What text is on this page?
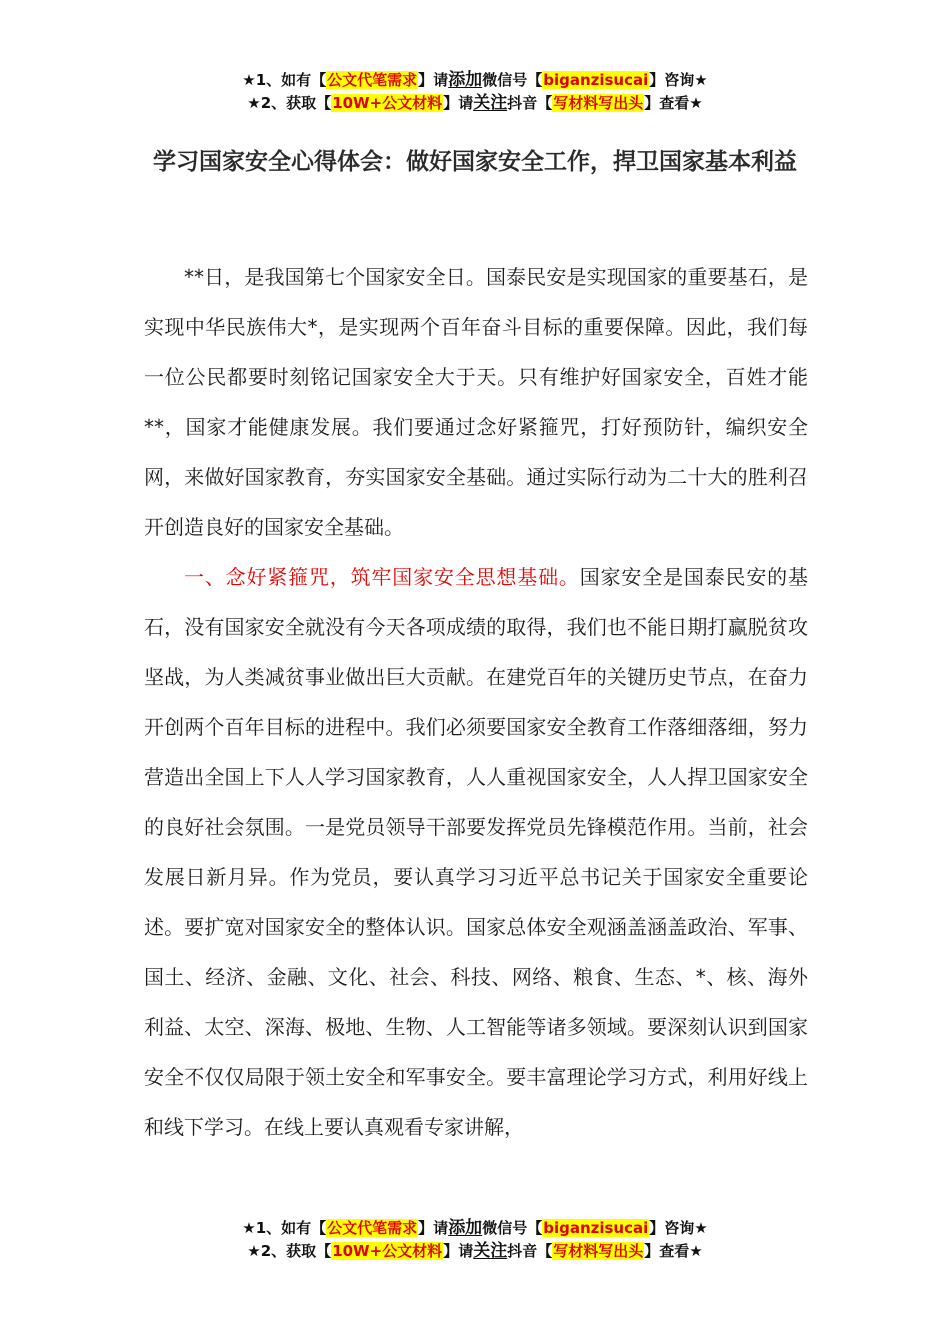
★1、如有【公文代笔需求】请添加微信号【biganzisucai】咨询★
★2、获取【10W+公文材料】请关注抖音【写材料写出头】查看★
学习国家安全心得体会：做好国家安全工作，捍卫国家基本利益

**日，是我国第七个国家安全日。国泰民安是实现国家的重要基石，是实现中华民族伟大*，是实现两个百年奋斗目标的重要保障。因此，我们每一位公民都要时刻铭记国家安全大于天。只有维护好国家安全，百姓才能**，国家才能健康发展。我们要通过念好紧箍咒，打好预防针，编织安全网，来做好国家教育，夯实国家安全基础。通过实际行动为二十大的胜利召开创造良好的国家安全基础。

一、念好紧箍咒，筑牢国家安全思想基础。国家安全是国泰民安的基石，没有国家安全就没有今天各项成绩的取得，我们也不能日期打赢脱贫攻坚战，为人类减贫事业做出巨大贡献。在建党百年的关键历史节点，在奋力开创两个百年目标的进程中。我们必须要国家安全教育工作落细落细，努力营造出全国上下人人学习国家教育，人人重视国家安全，人人捍卫国家安全的良好社会氛围。一是党员领导干部要发挥党员先锋模范作用。当前，社会发展日新月异。作为党员，要认真学习习近平总书记关于国家安全重要论述。要扩宽对国家安全的整体认识。国家总体安全观涵盖涵盖政治、军事、国土、经济、金融、文化、社会、科技、网络、粮食、生态、*、核、海外利益、太空、深海、极地、生物、人工智能等诸多领域。要深刻认识到国家安全不仅仅局限于领土安全和军事安全。要丰富理论学习方式，利用好线上和线下学习。在线上要认真观看专家讲解，

★1、如有【公文代笔需求】请添加微信号【biganzisucai】咨询★
★2、获取【10W+公文材料】请关注抖音【写材料写出头】查看★
